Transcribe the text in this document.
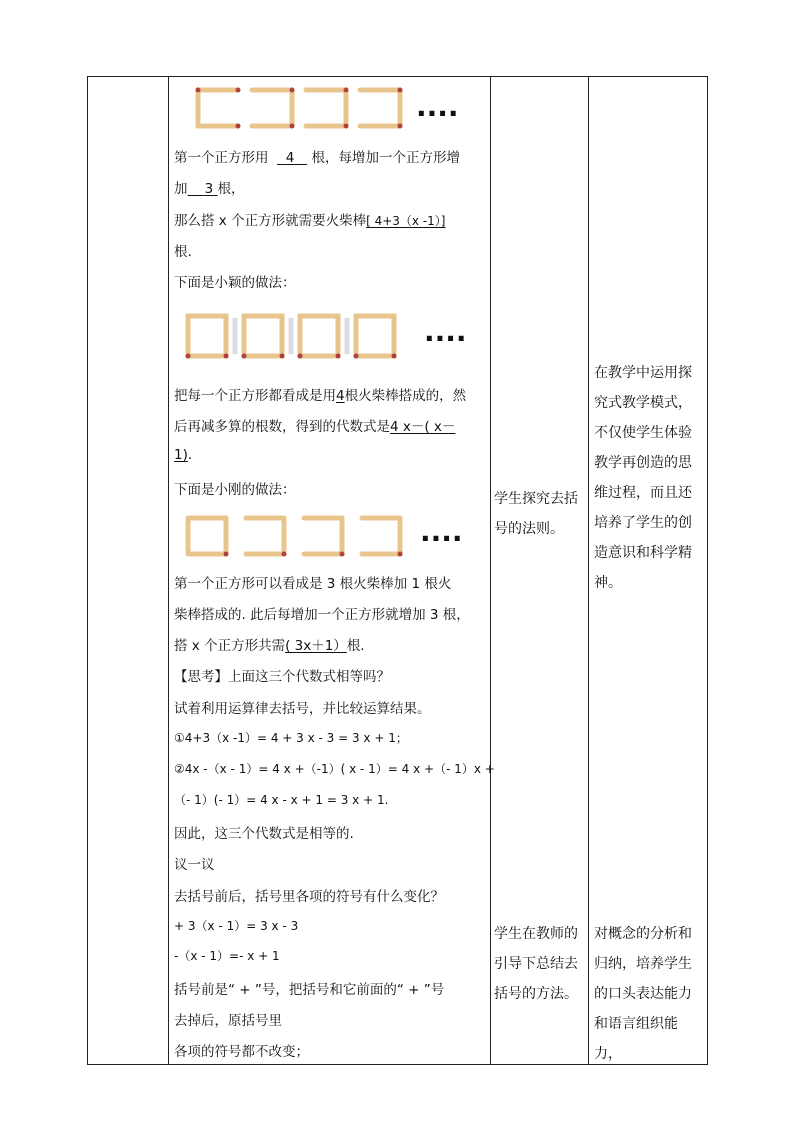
····
第一个正方形用 4 根，每增加一个正方形增
加 3 根，
那么搭 x 个正方形就需要火柴棒[ 4+3（x -1）]
根.
下面是小颖的做法：
····
把每一个正方形都看成是用4根火柴棒搭成的，然
后再减多算的根数，得到的代数式是4 x－( x－
1).
下面是小刚的做法：
····
第一个正方形可以看成是 3 根火柴棒加 1 根火
柴棒搭成的. 此后每增加一个正方形就增加 3 根，
搭 x 个正方形共需( 3x＋1）根.
【思考】上面这三个代数式相等吗？
试着利用运算律去括号，并比较运算结果。
①4+3（x -1）= 4 + 3 x - 3 = 3 x + 1；
②4x -（x - 1）= 4 x +（-1）( x - 1）= 4 x +（- 1）x +
（- 1）(- 1）= 4 x - x + 1 = 3 x + 1.
因此，这三个代数式是相等的.
议一议
去括号前后，括号里各项的符号有什么变化？
+ 3（x - 1）= 3 x - 3
-（x - 1）=- x + 1
括号前是“ + ”号，把括号和它前面的“ + ”号
去掉后，原括号里
各项的符号都不改变；
学生探究去括
号的法则。
学生在教师的
引导下总结去
括号的方法。
在教学中运用探
究式教学模式，
不仅使学生体验
教学再创造的思
维过程，而且还
培养了学生的创
造意识和科学精
神。
对概念的分析和
归纳，培养学生
的口头表达能力
和语言组织能力，
